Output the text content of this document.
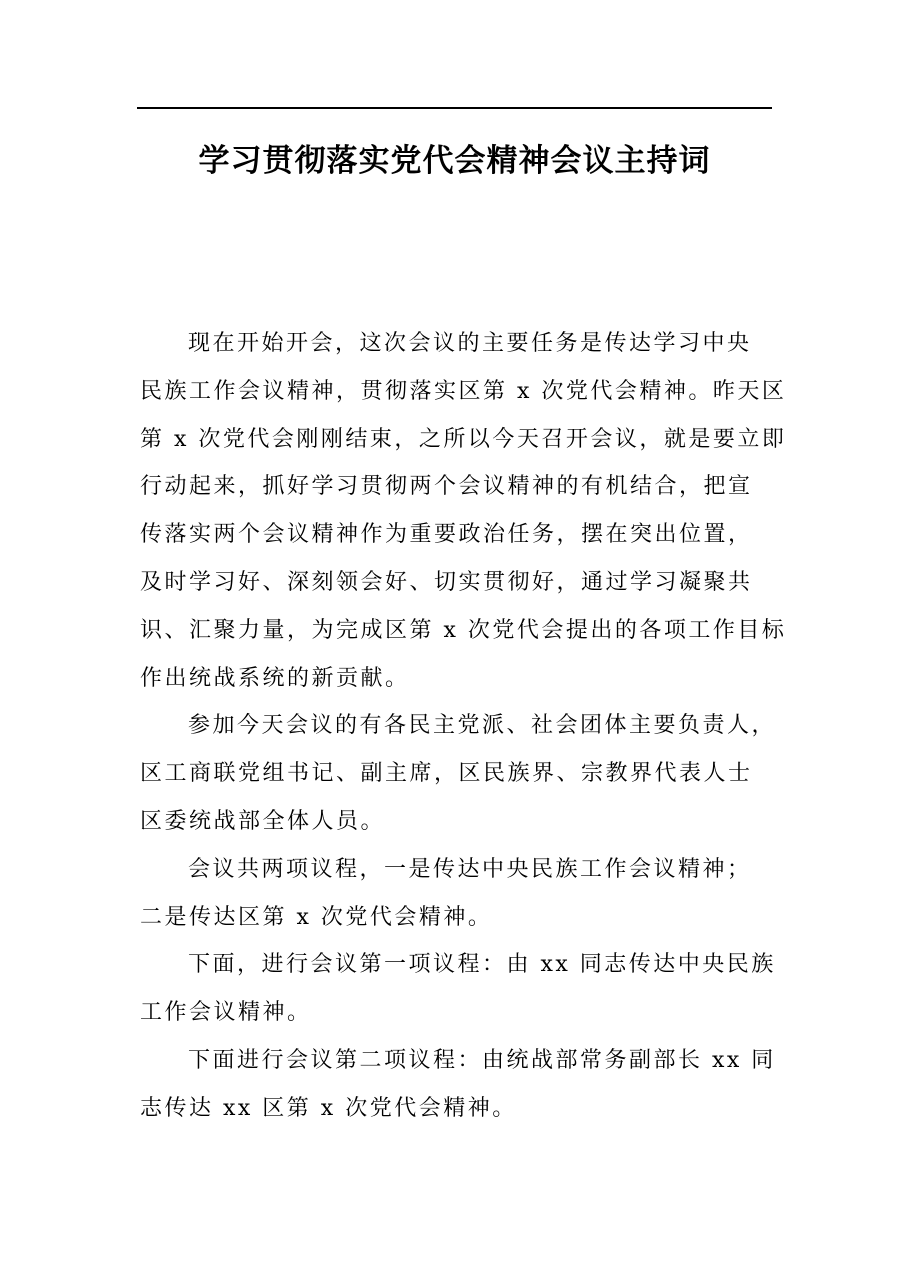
学习贯彻落实党代会精神会议主持词
现在开始开会，这次会议的主要任务是传达学习中央
民族工作会议精神，贯彻落实区第 x 次党代会精神。昨天区
第 x 次党代会刚刚结束，之所以今天召开会议，就是要立即
行动起来，抓好学习贯彻两个会议精神的有机结合，把宣
传落实两个会议精神作为重要政治任务，摆在突出位置，
及时学习好、深刻领会好、切实贯彻好，通过学习凝聚共
识、汇聚力量，为完成区第 x 次党代会提出的各项工作目标
作出统战系统的新贡献。
参加今天会议的有各民主党派、社会团体主要负责人，
区工商联党组书记、副主席，区民族界、宗教界代表人士
区委统战部全体人员。
会议共两项议程，一是传达中央民族工作会议精神；
二是传达区第 x 次党代会精神。
下面，进行会议第一项议程：由 xx 同志传达中央民族
工作会议精神。
下面进行会议第二项议程：由统战部常务副部长 xx 同
志传达 xx 区第 x 次党代会精神。
